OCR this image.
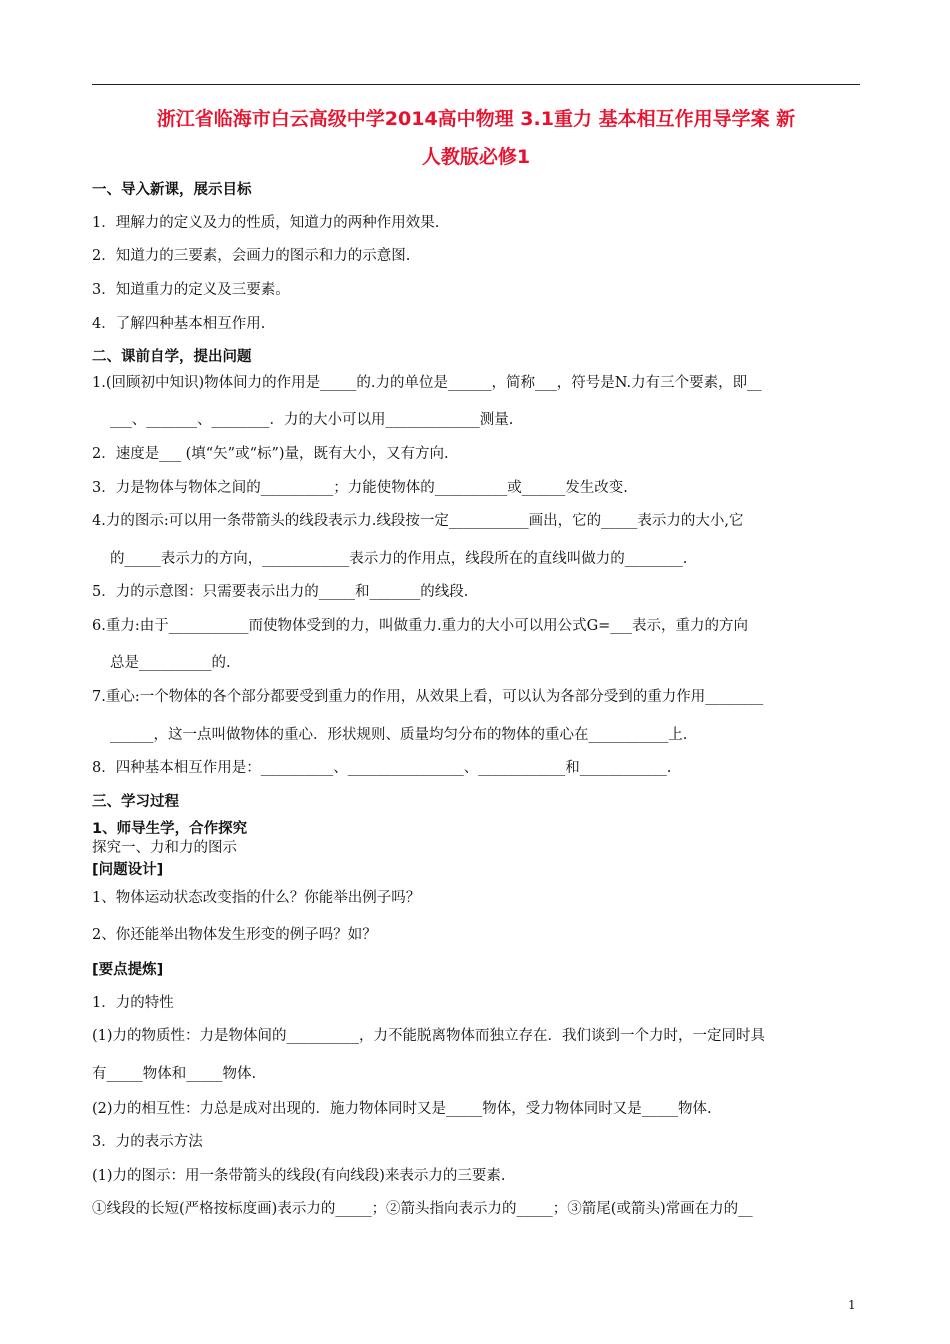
浙江省临海市白云高级中学2014高中物理 3.1重力 基本相互作用导学案 新
人教版必修1
一、导入新课，展示目标
1．理解力的定义及力的性质，知道力的两种作用效果.
2．知道力的三要素，会画力的图示和力的示意图.
3．知道重力的定义及三要素。
4．了解四种基本相互作用.
二、课前自学，提出问题
1.(回顾初中知识)物体间力的作用是_____的.力的单位是______，简称___，符号是N.力有三个要素，即__
___、_______、________．力的大小可以用_____________测量.
2．速度是___ (填“矢”或“标”)量，既有大小，又有方向.
3．力是物体与物体之间的__________；力能使物体的__________或______发生改变.
4.力的图示:可以用一条带箭头的线段表示力.线段按一定___________画出，它的_____表示力的大小,它
的_____表示力的方向，____________表示力的作用点，线段所在的直线叫做力的________.
5．力的示意图：只需要表示出力的_____和_______的线段.
6.重力:由于___________而使物体受到的力，叫做重力.重力的大小可以用公式G=___表示，重力的方向
总是__________的.
7.重心:一个物体的各个部分都要受到重力的作用，从效果上看，可以认为各部分受到的重力作用________
______，这一点叫做物体的重心．形状规则、质量均匀分布的物体的重心在___________上.
8．四种基本相互作用是：__________、________________、____________和____________.
三、学习过程
1、师导生学，合作探究
探究一、力和力的图示
[问题设计]
1、物体运动状态改变指的什么？你能举出例子吗？
2、你还能举出物体发生形变的例子吗？如？
[要点提炼]
1．力的特性
(1)力的物质性：力是物体间的__________，力不能脱离物体而独立存在．我们谈到一个力时，一定同时具
有_____物体和_____物体.
(2)力的相互性：力总是成对出现的．施力物体同时又是_____物体，受力物体同时又是_____物体.
3．力的表示方法
(1)力的图示：用一条带箭头的线段(有向线段)来表示力的三要素.
①线段的长短(严格按标度画)表示力的_____；②箭头指向表示力的_____；③箭尾(或箭头)常画在力的__
1
